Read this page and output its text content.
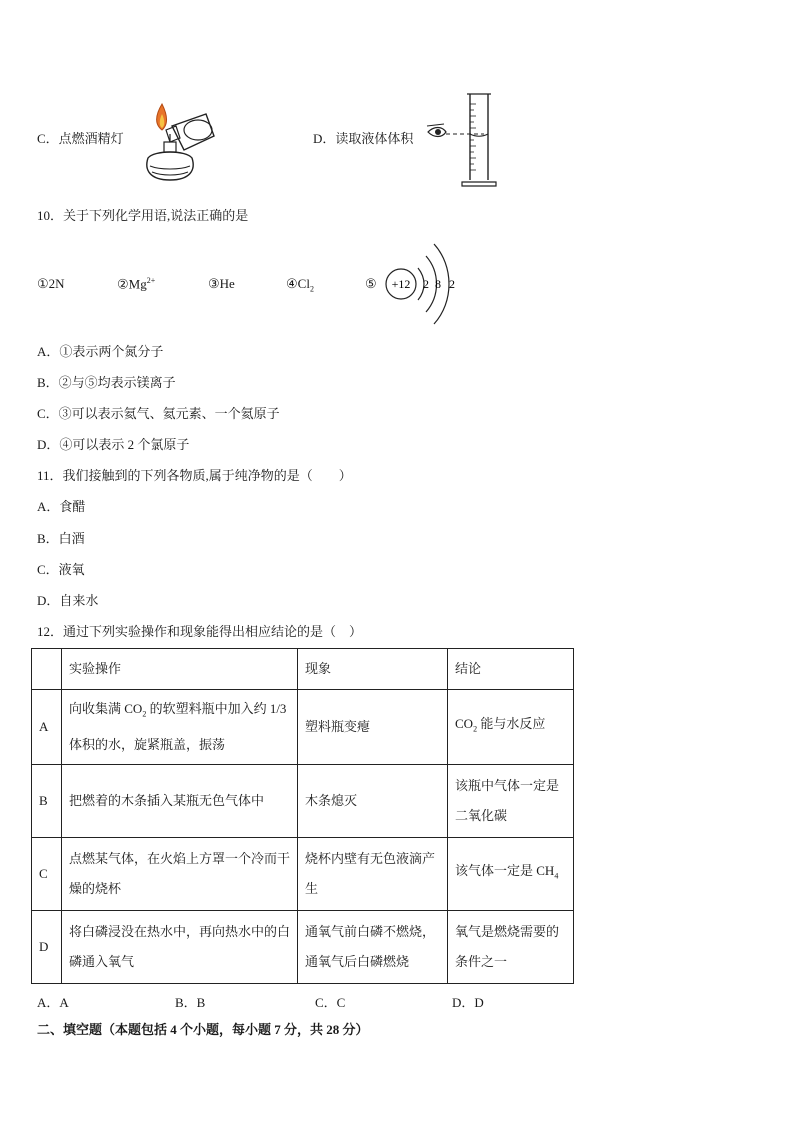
C．点燃酒精灯	D．读取液体体积
10．关于下列化学用语,说法正确的是
①2N	$②Mg^{2+}$	③He	$④Cl_2$	⑤ +12 2 8 2
A．①表示两个氮分子
B．②与⑤均表示镁离子
C．③可以表示氦气、氦元素、一个氦原子
D．④可以表示 2 个氯原子
11．我们接触到的下列各物质,属于纯净物的是（　　）
A．食醋
B．白酒
C．液氧
D．自来水
12．通过下列实验操作和现象能得出相应结论的是（　）
	实验操作	现象	结论
A	向收集满 $CO_2$ 的软塑料瓶中加入约 1/3 体积的水，旋紧瓶盖，振荡	塑料瓶变瘪	$CO_2$ 能与水反应
B	把燃着的木条插入某瓶无色气体中	木条熄灭	该瓶中气体一定是二氧化碳
C	点燃某气体，在火焰上方罩一个冷而干燥的烧杯	烧杯内壁有无色液滴产生	该气体一定是 $CH_4$
D	将白磷浸没在热水中，再向热水中的白磷通入氧气	通氧气前白磷不燃烧，通氧气后白磷燃烧	氧气是燃烧需要的条件之一
A．A	B．B	C．C	D．D
二、填空题（本题包括 4 个小题，每小题 7 分，共 28 分）
